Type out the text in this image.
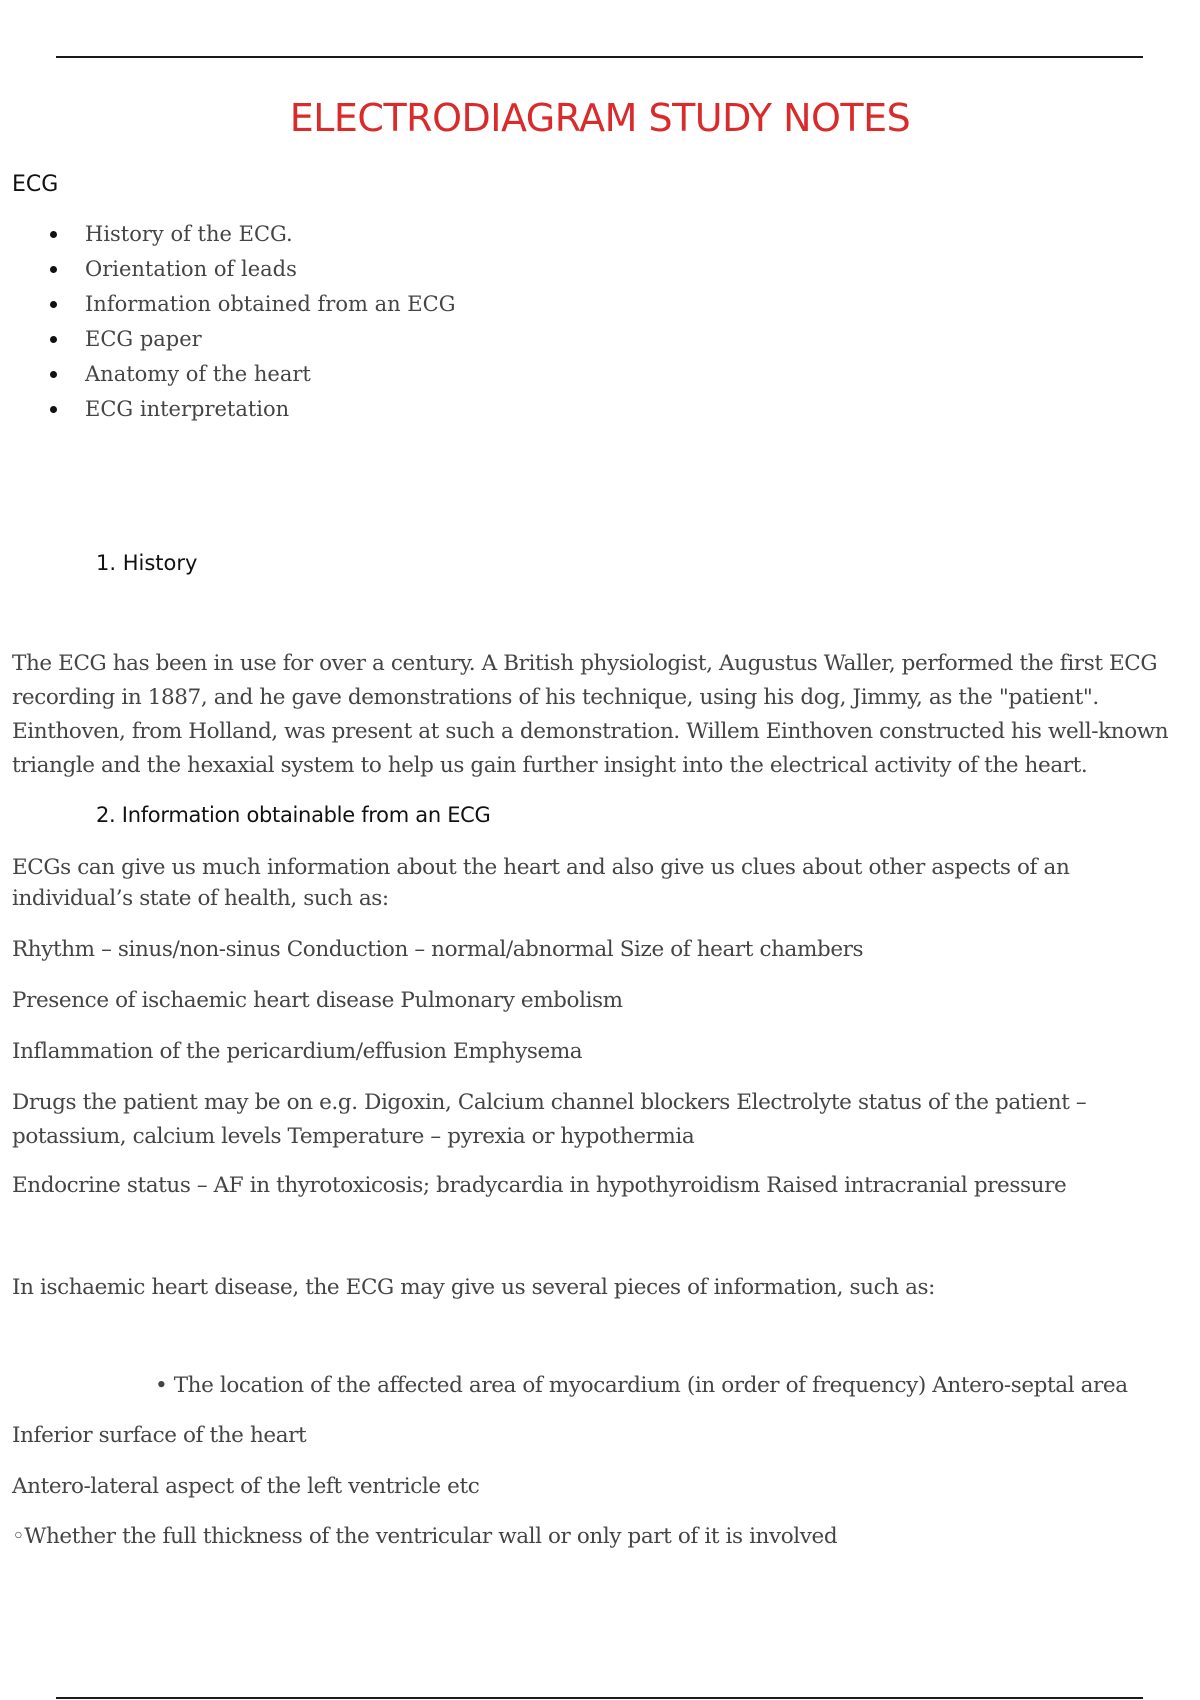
ELECTRODIAGRAM STUDY NOTES
ECG
History of the ECG.
Orientation of leads
Information obtained from an ECG
ECG paper
Anatomy of the heart
ECG interpretation
1. History

The ECG has been in use for over a century. A British physiologist, Augustus Waller, performed the first ECG recording in 1887, and he gave demonstrations of his technique, using his dog, Jimmy, as the "patient". Einthoven, from Holland, was present at such a demonstration. Willem Einthoven constructed his well-known triangle and the hexaxial system to help us gain further insight into the electrical activity of the heart.

2. Information obtainable from an ECG

ECGs can give us much information about the heart and also give us clues about other aspects of an individual’s state of health, such as:

Rhythm – sinus/non-sinus Conduction – normal/abnormal Size of heart chambers

Presence of ischaemic heart disease Pulmonary embolism

Inflammation of the pericardium/effusion Emphysema

Drugs the patient may be on e.g. Digoxin, Calcium channel blockers Electrolyte status of the patient – potassium, calcium levels Temperature – pyrexia or hypothermia

Endocrine status – AF in thyrotoxicosis; bradycardia in hypothyroidism Raised intracranial pressure

In ischaemic heart disease, the ECG may give us several pieces of information, such as:

• The location of the affected area of myocardium (in order of frequency) Antero-septal area

Inferior surface of the heart

Antero-lateral aspect of the left ventricle etc

◦Whether the full thickness of the ventricular wall or only part of it is involved
